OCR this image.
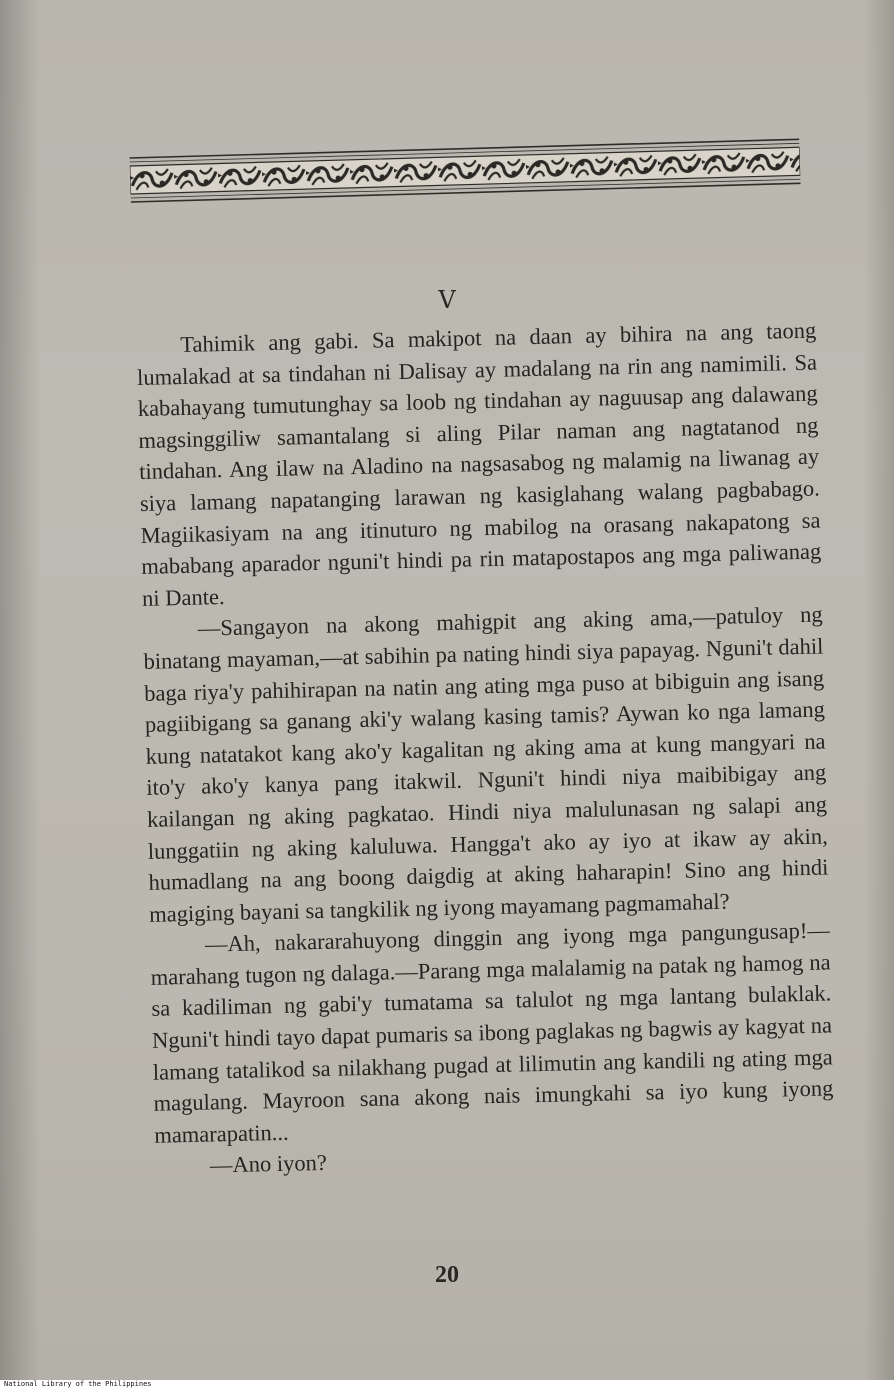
V

Tahimik ang gabi. Sa makipot na daan ay bihira na ang taong lumalakad at sa tindahan ni Dalisay ay madalang na rin ang namimili. Sa kabahayang tumutunghay sa loob ng tindahan ay naguusap ang dalawang magsinggiliw samantalang si aling Pilar naman ang nagtatanod ng tindahan. Ang ilaw na Aladino na nagsasabog ng malamig na liwanag ay siya lamang napatanging larawan ng kasiglahang walang pagbabago. Magiikasiyam na ang itinuturo ng mabilog na orasang nakapatong sa mababang aparador nguni't hindi pa rin matapostapos ang mga paliwanag ni Dante.

—Sangayon na akong mahigpit ang aking ama,—patuloy ng binatang mayaman,—at sabihin pa nating hindi siya papayag. Nguni't dahil baga riya'y pahihirapan na natin ang ating mga puso at bibiguin ang isang pagiibigang sa ganang aki'y walang kasing tamis? Aywan ko nga lamang kung natatakot kang ako'y kagalitan ng aking ama at kung mangyari na ito'y ako'y kanya pang itakwil. Nguni't hindi niya maibibigay ang kailangan ng aking pagkatao. Hindi niya malulunasan ng salapi ang lunggatiin ng aking kaluluwa. Hangga't ako ay iyo at ikaw ay akin, humadlang na ang boong daigdig at aking haharapin! Sino ang hindi magiging bayani sa tangkilik ng iyong mayamang pagmamahal?

—Ah, nakararahuyong dinggin ang iyong mga pangungusap!—marahang tugon ng dalaga.—Parang mga malalamig na patak ng hamog na sa kadiliman ng gabi'y tumatama sa talulot ng mga lantang bulaklak. Nguni't hindi tayo dapat pumaris sa ibong paglakas ng bagwis ay kagyat na lamang tatalikod sa nilakhang pugad at lilimutin ang kandili ng ating mga magulang. Mayroon sana akong nais imungkahi sa iyo kung iyong mamarapatin...

—Ano iyon?

20
National Library of the Philippines
